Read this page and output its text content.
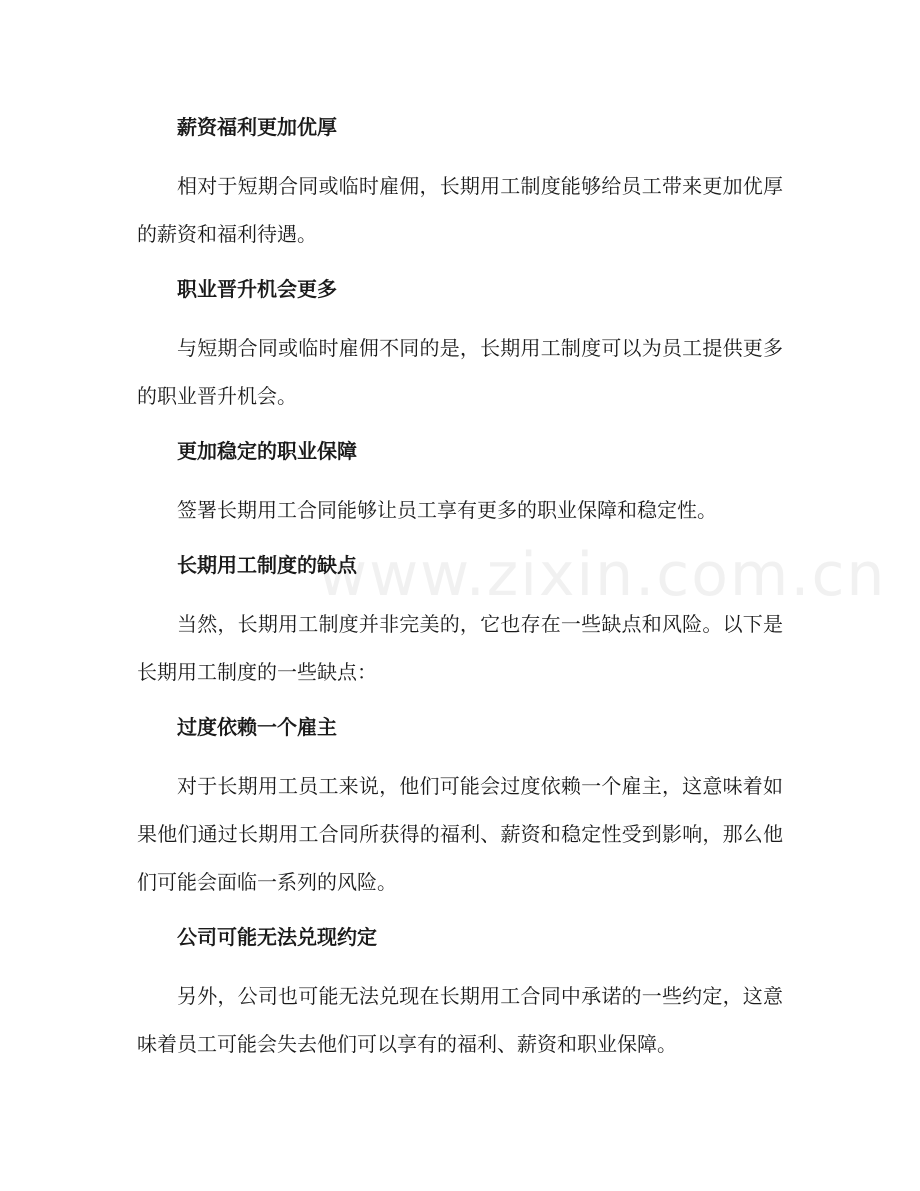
www.zixin.com.cn
薪资福利更加优厚

相对于短期合同或临时雇佣，长期用工制度能够给员工带来更加优厚的薪资和福利待遇。

职业晋升机会更多

与短期合同或临时雇佣不同的是，长期用工制度可以为员工提供更多的职业晋升机会。

更加稳定的职业保障

签署长期用工合同能够让员工享有更多的职业保障和稳定性。

长期用工制度的缺点

当然，长期用工制度并非完美的，它也存在一些缺点和风险。以下是长期用工制度的一些缺点：

过度依赖一个雇主

对于长期用工员工来说，他们可能会过度依赖一个雇主，这意味着如果他们通过长期用工合同所获得的福利、薪资和稳定性受到影响，那么他们可能会面临一系列的风险。

公司可能无法兑现约定

另外，公司也可能无法兑现在长期用工合同中承诺的一些约定，这意味着员工可能会失去他们可以享有的福利、薪资和职业保障。
